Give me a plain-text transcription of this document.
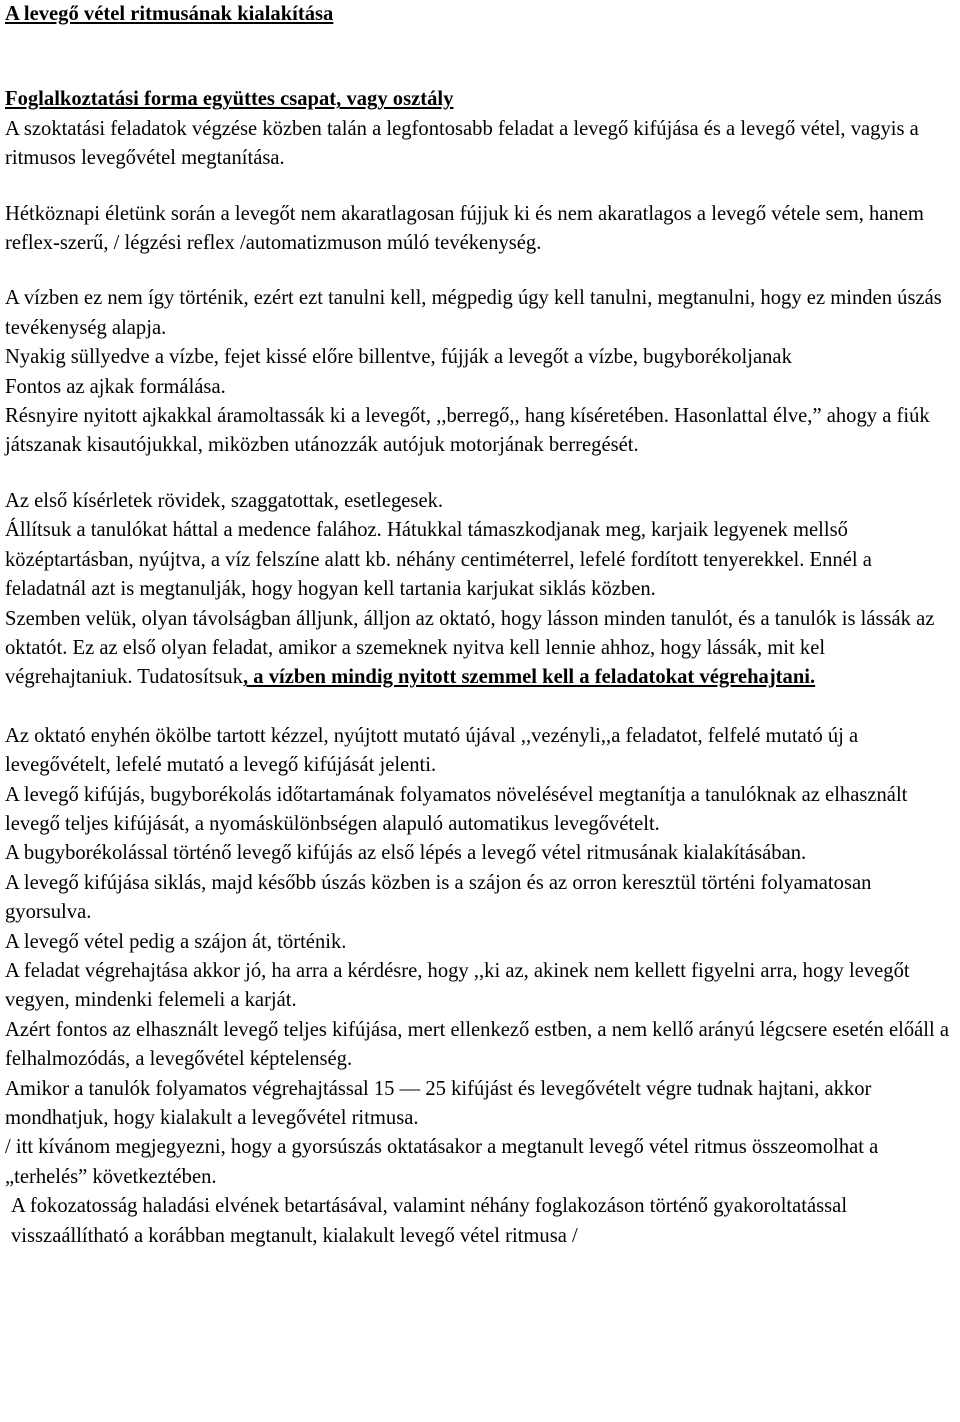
A levegő vétel ritmusának kialakítása
Foglalkoztatási forma együttes csapat, vagy osztály

A szoktatási feladatok végzése közben talán a legfontosabb feladat a levegő kifújása és a levegő vétel, vagyis a ritmusos levegővétel megtanítása.

Hétköznapi életünk során a levegőt nem akaratlagosan fújjuk ki és nem akaratlagos a levegő vétele sem, hanem reflex-szerű, / légzési reflex /automatizmuson múló tevékenység.

A vízben ez nem így történik, ezért ezt tanulni kell, mégpedig úgy kell tanulni, megtanulni, hogy ez minden úszás tevékenység alapja.

Nyakig süllyedve a vízbe, fejet kissé előre billentve, fújják a levegőt a vízbe, bugyborékoljanak

Fontos az ajkak formálása.

Résnyire nyitott ajkakkal áramoltassák ki a levegőt, ,,berregő,, hang kíséretében. Hasonlattal élve,” ahogy a fiúk játszanak kisautójukkal, miközben utánozzák autójuk motorjának berregését.

Az első kísérletek rövidek, szaggatottak, esetlegesek.

Állítsuk a tanulókat háttal a medence falához. Hátukkal támaszkodjanak meg, karjaik legyenek mellső középtartásban, nyújtva, a víz felszíne alatt kb. néhány centiméterrel, lefelé fordított tenyerekkel. Ennél a feladatnál azt is megtanulják, hogy hogyan kell tartania karjukat siklás közben.

Szemben velük, olyan távolságban álljunk, álljon az oktató, hogy lásson minden tanulót, és a tanulók is lássák az oktatót. Ez az első olyan feladat, amikor a szemeknek nyitva kell lennie ahhoz, hogy lássák, mit kel végrehajtaniuk. Tudatosítsuk, a vízben mindig nyitott szemmel kell a feladatokat végrehajtani.

Az oktató enyhén ökölbe tartott kézzel, nyújtott mutató újával ,,vezényli,,a feladatot, felfelé mutató új a levegővételt, lefelé mutató a levegő kifújását jelenti.

A levegő kifújás, bugyborékolás időtartamának folyamatos növelésével megtanítja a tanulóknak az elhasznált levegő teljes kifújását, a nyomáskülönbségen alapuló automatikus levegővételt.

A bugyborékolással történő levegő kifújás az első lépés a levegő vétel ritmusának kialakításában.

A levegő kifújása siklás, majd később úszás közben is a szájon és az orron keresztül történi folyamatosan gyorsulva.

A levegő vétel pedig a szájon át, történik.

A feladat végrehajtása akkor jó, ha arra a kérdésre, hogy ,,ki az, akinek nem kellett figyelni arra, hogy levegőt vegyen, mindenki felemeli a karját.

Azért fontos az elhasznált levegő teljes kifújása, mert ellenkező estben, a nem kellő arányú légcsere esetén előáll a felhalmozódás, a levegővétel képtelenség.

Amikor a tanulók folyamatos végrehajtással 15 — 25 kifújást és levegővételt végre tudnak hajtani, akkor mondhatjuk, hogy kialakult a levegővétel ritmusa.

/ itt kívánom megjegyezni, hogy a gyorsúszás oktatásakor a megtanult levegő vétel ritmus összeomolhat a „terhelés” következtében.

A fokozatosság haladási elvének betartásával, valamint néhány foglakozáson történő gyakoroltatással visszaállítható a korábban megtanult, kialakult levegő vétel ritmusa /
